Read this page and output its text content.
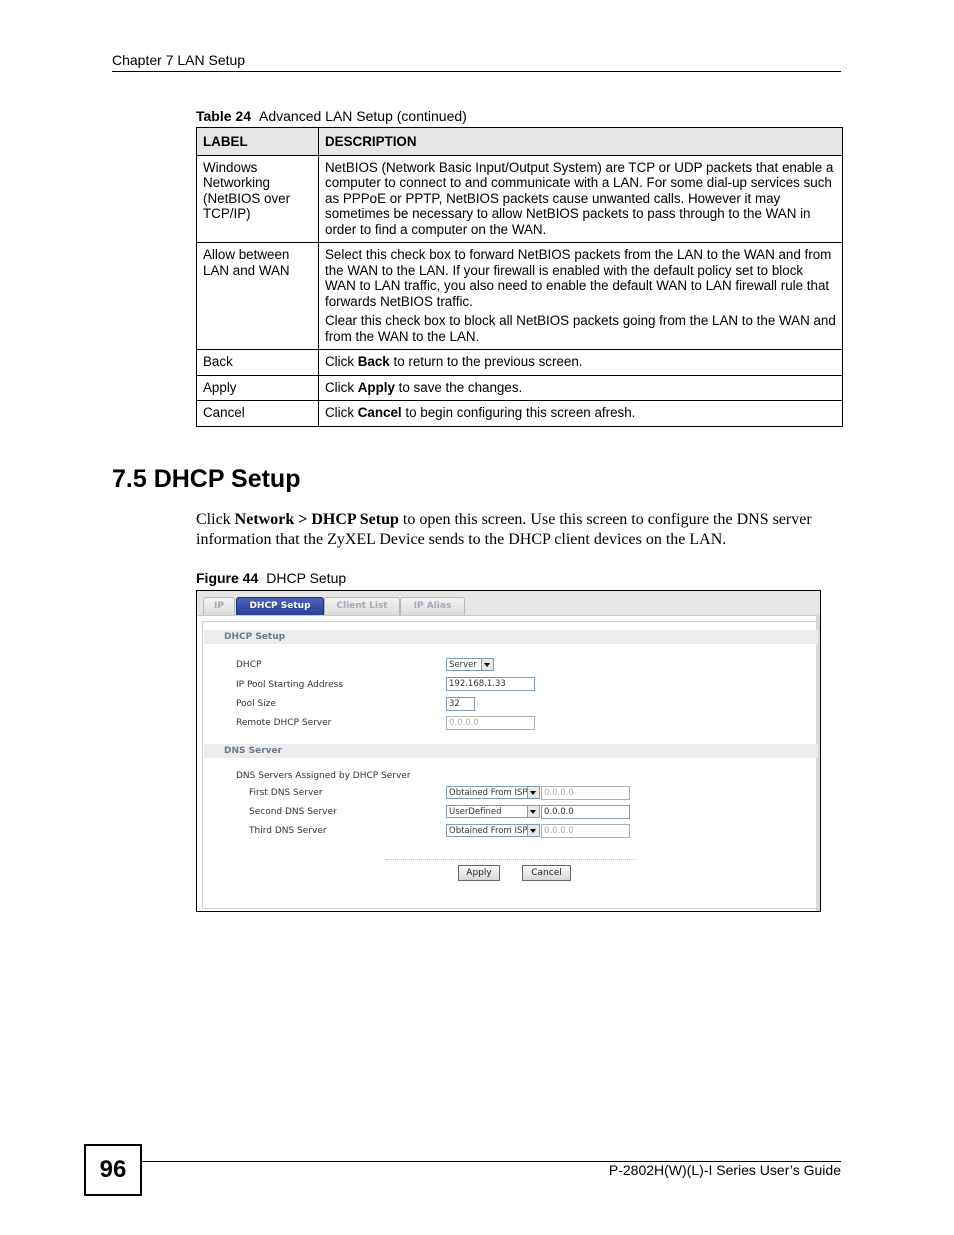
Chapter 7 LAN Setup
Table 24 Advanced LAN Setup (continued)
LABEL	DESCRIPTION
Windows Networking (NetBIOS over TCP/IP)	NetBIOS (Network Basic Input/Output System) are TCP or UDP packets that enable a computer to connect to and communicate with a LAN. For some dial-up services such as PPPoE or PPTP, NetBIOS packets cause unwanted calls. However it may sometimes be necessary to allow NetBIOS packets to pass through to the WAN in order to find a computer on the WAN.

Allow between LAN and WAN	Select this check box to forward NetBIOS packets from the LAN to the WAN and from the WAN to the LAN. If your firewall is enabled with the default policy set to block WAN to LAN traffic, you also need to enable the default WAN to LAN firewall rule that forwards NetBIOS traffic.

Clear this check box to block all NetBIOS packets going from the LAN to the WAN and from the WAN to the LAN.

Back	Click Back to return to the previous screen.
Apply	Click Apply to save the changes.
Cancel	Click Cancel to begin configuring this screen afresh.
7.5 DHCP Setup
Click Network > DHCP Setup to open this screen. Use this screen to configure the DNS server information that the ZyXEL Device sends to the DHCP client devices on the LAN.
Figure 44 DHCP Setup
IP	DHCP Setup	Client List	IP Alias
DHCP Setup
DHCP	Server
IP Pool Starting Address	192.168.1.33
Pool Size	32
Remote DHCP Server	0.0.0.0
DNS Server
DNS Servers Assigned by DHCP Server
First DNS Server	Obtained From ISP	0.0.0.0
Second DNS Server	UserDefined	0.0.0.0
Third DNS Server	Obtained From ISP	0.0.0.0
Apply	Cancel
96	P-2802H(W)(L)-I Series User’s Guide
